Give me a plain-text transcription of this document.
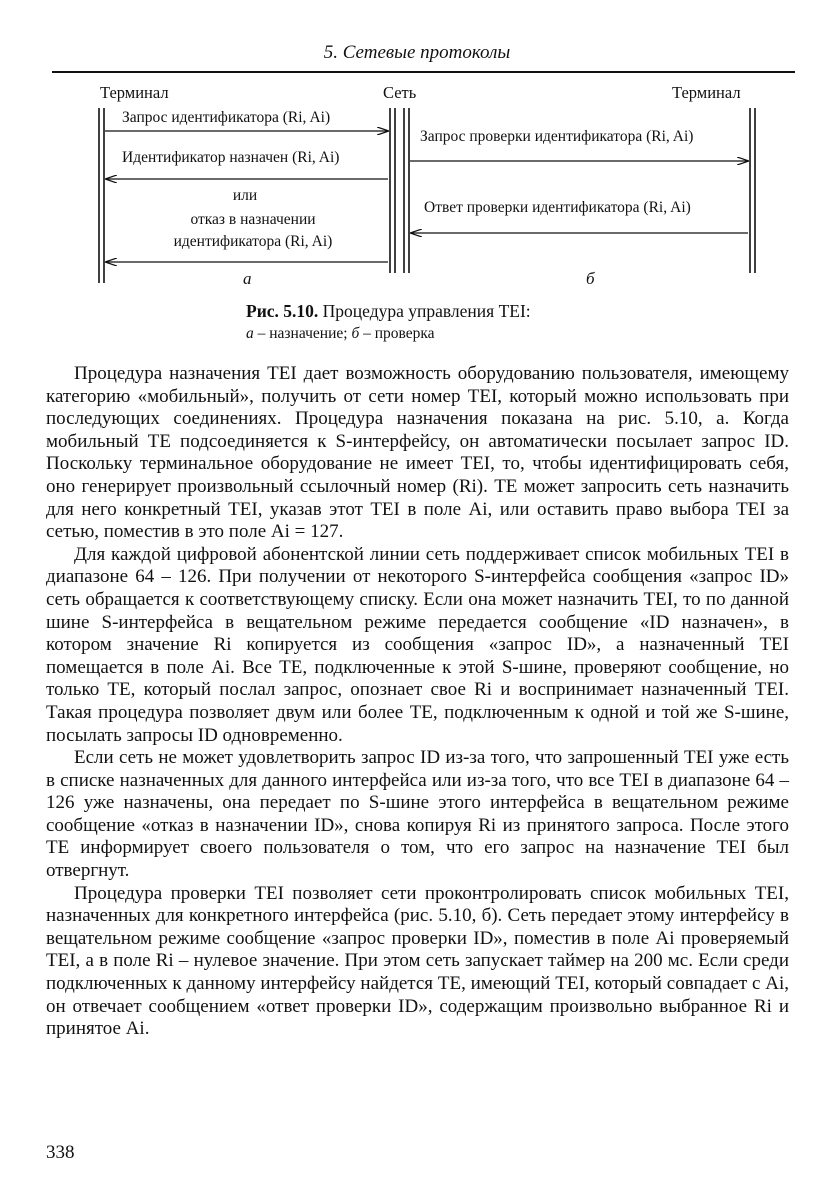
5. Сетевые протоколы
Терминал	Сеть	Терминал
Запрос идентификатора (Ri, Ai)
Идентификатор назначен (Ri, Ai)
или
отказ в назначении
идентификатора (Ri, Ai)
Запрос проверки идентификатора (Ri, Ai)
Ответ проверки идентификатора (Ri, Ai)
а	б
Рис. 5.10. Процедура управления TEI:
а – назначение; б – проверка

Процедура назначения TEI дает возможность оборудованию пользователя, имеющему категорию «мобильный», получить от сети номер TEI, который можно использовать при последующих соединениях. Процедура назначения показана на рис. 5.10, а. Когда мобильный TE подсоединяется к S-интерфейсу, он автоматически посылает запрос ID. Поскольку терминальное оборудование не имеет TEI, то, чтобы идентифицировать себя, оно генерирует произвольный ссылочный номер (Ri). TE может запросить сеть назначить для него конкретный TEI, указав этот TEI в поле Ai, или оставить право выбора TEI за сетью, поместив в это поле Ai = 127.

Для каждой цифровой абонентской линии сеть поддерживает список мобильных TEI в диапазоне 64 – 126. При получении от некоторого S-интерфейса сообщения «запрос ID» сеть обращается к соответствующему списку. Если она может назначить TEI, то по данной шине S-интерфейса в вещательном режиме передается сообщение «ID назначен», в котором значение Ri копируется из сообщения «запрос ID», а назначенный TEI помещается в поле Ai. Все TE, подключенные к этой S-шине, проверяют сообщение, но только TE, который послал запрос, опознает свое Ri и воспринимает назначенный TEI. Такая процедура позволяет двум или более TE, подключенным к одной и той же S-шине, посылать запросы ID одновременно.

Если сеть не может удовлетворить запрос ID из-за того, что запрошенный TEI уже есть в списке назначенных для данного интерфейса или из-за того, что все TEI в диапазоне 64 – 126 уже назначены, она передает по S-шине этого интерфейса в вещательном режиме сообщение «отказ в назначении ID», снова копируя Ri из принятого запроса. После этого TE информирует своего пользователя о том, что его запрос на назначение TEI был отвергнут.

Процедура проверки TEI позволяет сети проконтролировать список мобильных TEI, назначенных для конкретного интерфейса (рис. 5.10, б). Сеть передает этому интерфейсу в вещательном режиме сообщение «запрос проверки ID», поместив в поле Ai проверяемый TEI, а в поле Ri – нулевое значение. При этом сеть запускает таймер на 200 мс. Если среди подключенных к данному интерфейсу найдется TE, имеющий TEI, который совпадает с Ai, он отвечает сообщением «ответ проверки ID», содержащим произвольно выбранное Ri и принятое Ai.

338
